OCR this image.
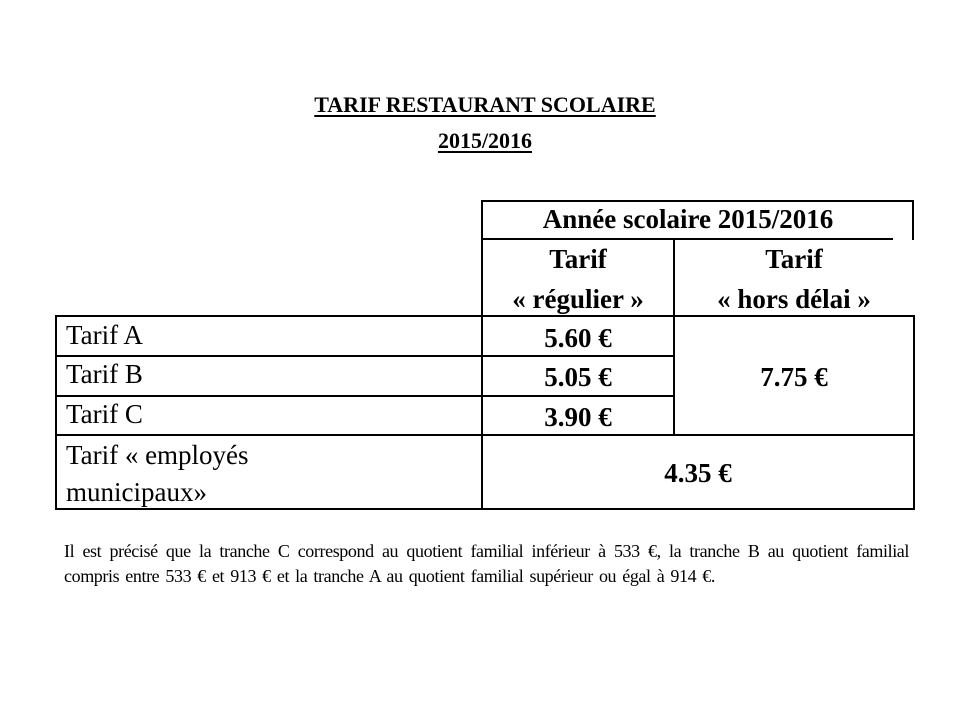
TARIF RESTAURANT SCOLAIRE
2015/2016
Année scolaire 2015/2016
Tarif
« régulier »
Tarif
« hors délai »
Tarif A
Tarif B
Tarif C
Tarif « employés
municipaux»
5.60 €
5.05 €
3.90 €
7.75 €
4.35 €
Il est précisé que la tranche C correspond au quotient familial inférieur à 533 €, la tranche B au quotient familial compris entre 533 € et 913 € et la tranche A au quotient familial supérieur ou égal à 914 €.
